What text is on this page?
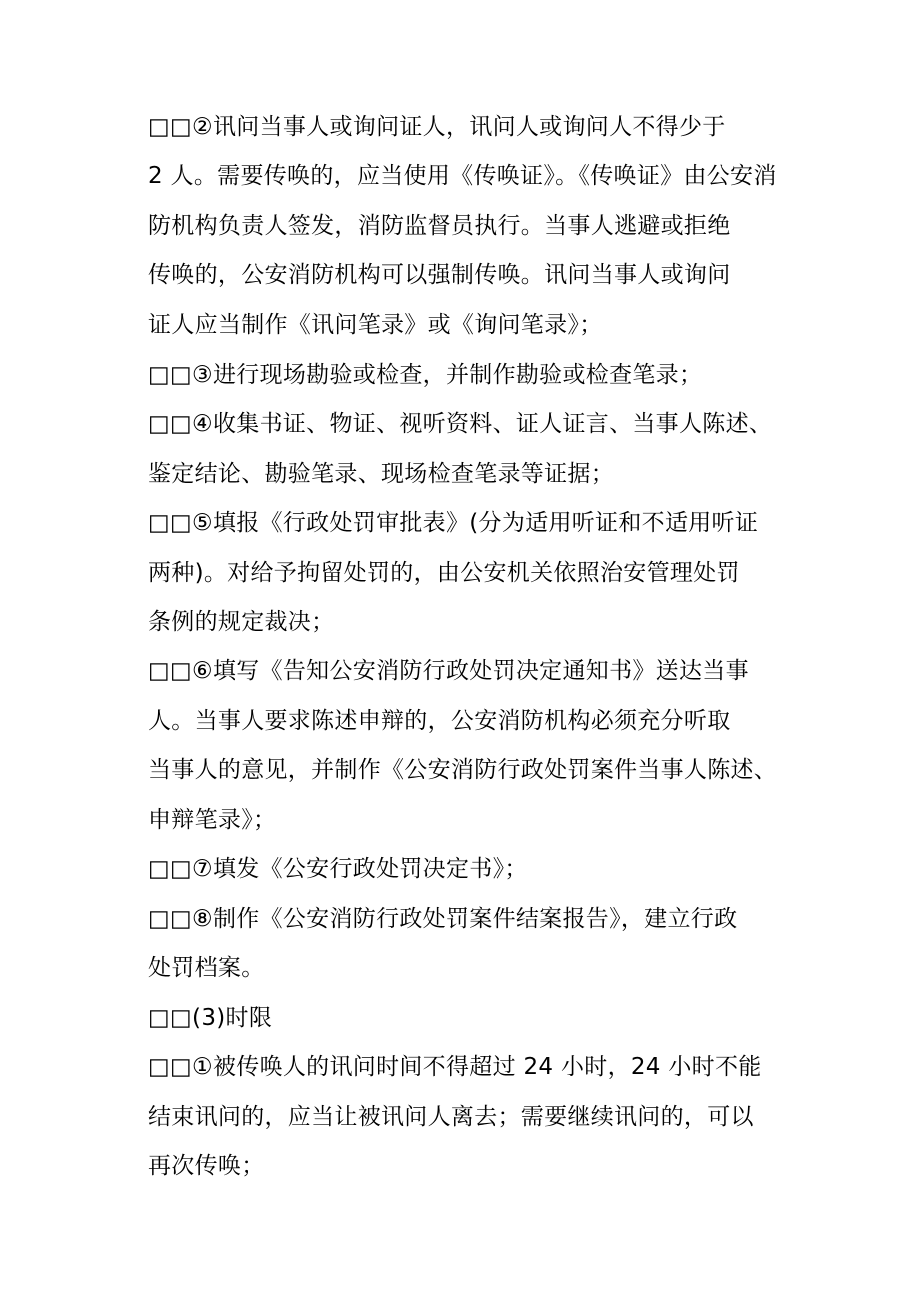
□□②讯问当事人或询问证人，讯问人或询问人不得少于
2 人。需要传唤的，应当使用《传唤证》。《传唤证》由公安消
防机构负责人签发，消防监督员执行。当事人逃避或拒绝
传唤的，公安消防机构可以强制传唤。讯问当事人或询问
证人应当制作《讯问笔录》或《询问笔录》；
□□③进行现场勘验或检查，并制作勘验或检查笔录；
□□④收集书证、物证、视听资料、证人证言、当事人陈述、
鉴定结论、勘验笔录、现场检查笔录等证据；
□□⑤填报《行政处罚审批表》(分为适用听证和不适用听证
两种)。对给予拘留处罚的，由公安机关依照治安管理处罚
条例的规定裁决；
□□⑥填写《告知公安消防行政处罚决定通知书》送达当事
人。当事人要求陈述申辩的，公安消防机构必须充分听取
当事人的意见，并制作《公安消防行政处罚案件当事人陈述、
申辩笔录》；
□□⑦填发《公安行政处罚决定书》；
□□⑧制作《公安消防行政处罚案件结案报告》，建立行政
处罚档案。
□□(3)时限
□□①被传唤人的讯问时间不得超过 24 小时，24 小时不能
结束讯问的，应当让被讯问人离去；需要继续讯问的，可以
再次传唤；
